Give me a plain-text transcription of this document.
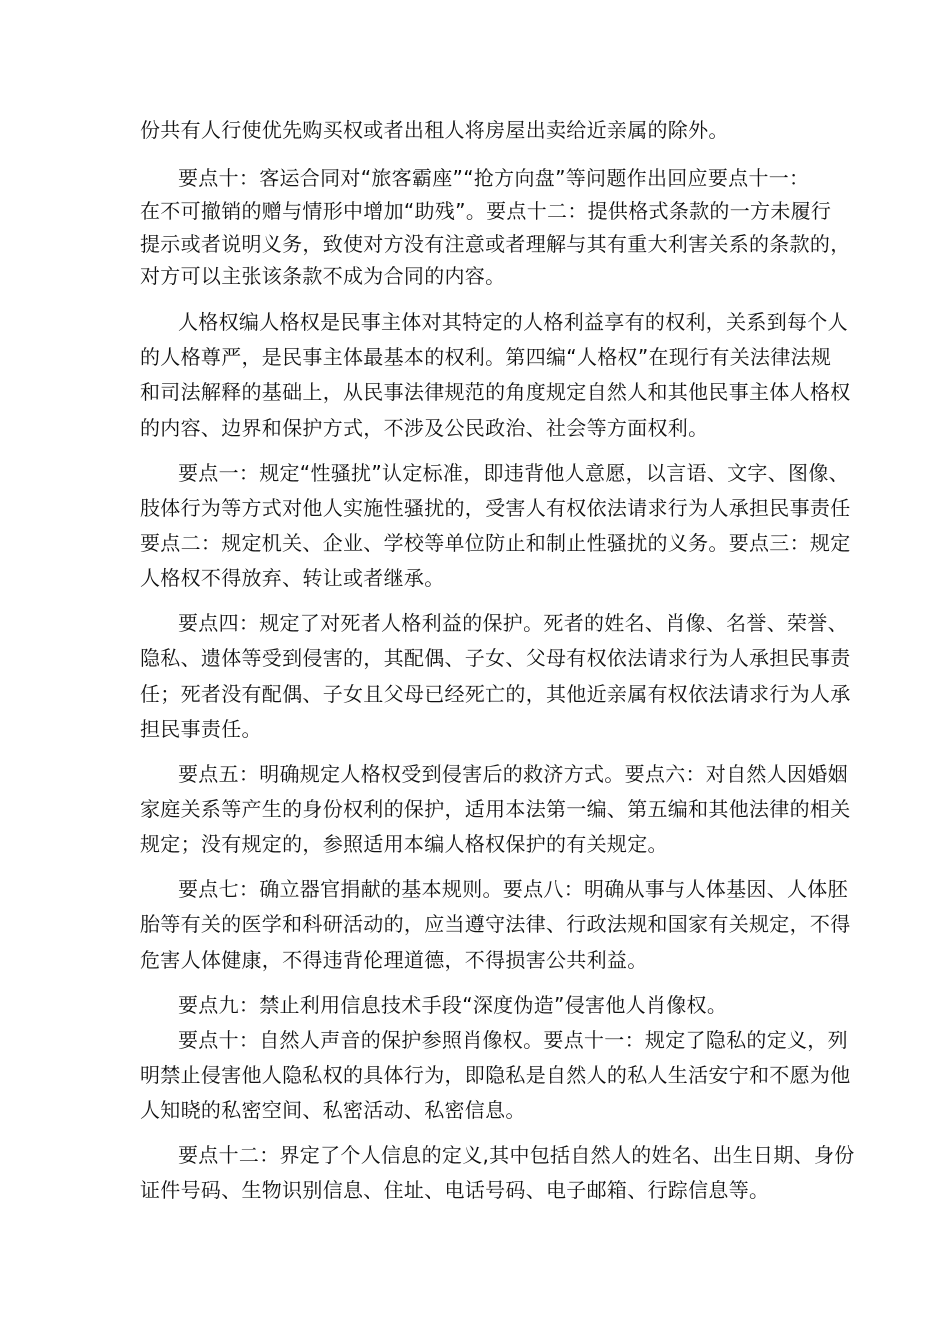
份共有人行使优先购买权或者出租人将房屋出卖给近亲属的除外。
要点十：客运合同对“旅客霸座”“抢方向盘”等问题作出回应要点十一：
在不可撤销的赠与情形中增加“助残”。要点十二：提供格式条款的一方未履行
提示或者说明义务，致使对方没有注意或者理解与其有重大利害关系的条款的，
对方可以主张该条款不成为合同的内容。
人格权编人格权是民事主体对其特定的人格利益享有的权利，关系到每个人
的人格尊严，是民事主体最基本的权利。第四编“人格权”在现行有关法律法规
和司法解释的基础上，从民事法律规范的角度规定自然人和其他民事主体人格权
的内容、边界和保护方式，不涉及公民政治、社会等方面权利。
要点一：规定“性骚扰”认定标准，即违背他人意愿，以言语、文字、图像、
肢体行为等方式对他人实施性骚扰的，受害人有权依法请求行为人承担民事责任
要点二：规定机关、企业、学校等单位防止和制止性骚扰的义务。要点三：规定
人格权不得放弃、转让或者继承。
要点四：规定了对死者人格利益的保护。死者的姓名、肖像、名誉、荣誉、
隐私、遗体等受到侵害的，其配偶、子女、父母有权依法请求行为人承担民事责
任；死者没有配偶、子女且父母已经死亡的，其他近亲属有权依法请求行为人承
担民事责任。
要点五：明确规定人格权受到侵害后的救济方式。要点六：对自然人因婚姻
家庭关系等产生的身份权利的保护，适用本法第一编、第五编和其他法律的相关
规定；没有规定的，参照适用本编人格权保护的有关规定。
要点七：确立器官捐献的基本规则。要点八：明确从事与人体基因、人体胚
胎等有关的医学和科研活动的，应当遵守法律、行政法规和国家有关规定，不得
危害人体健康，不得违背伦理道德，不得损害公共利益。
要点九：禁止利用信息技术手段“深度伪造”侵害他人肖像权。
要点十：自然人声音的保护参照肖像权。要点十一：规定了隐私的定义，列
明禁止侵害他人隐私权的具体行为，即隐私是自然人的私人生活安宁和不愿为他
人知晓的私密空间、私密活动、私密信息。
要点十二：界定了个人信息的定义,其中包括自然人的姓名、出生日期、身份
证件号码、生物识别信息、住址、电话号码、电子邮箱、行踪信息等。
